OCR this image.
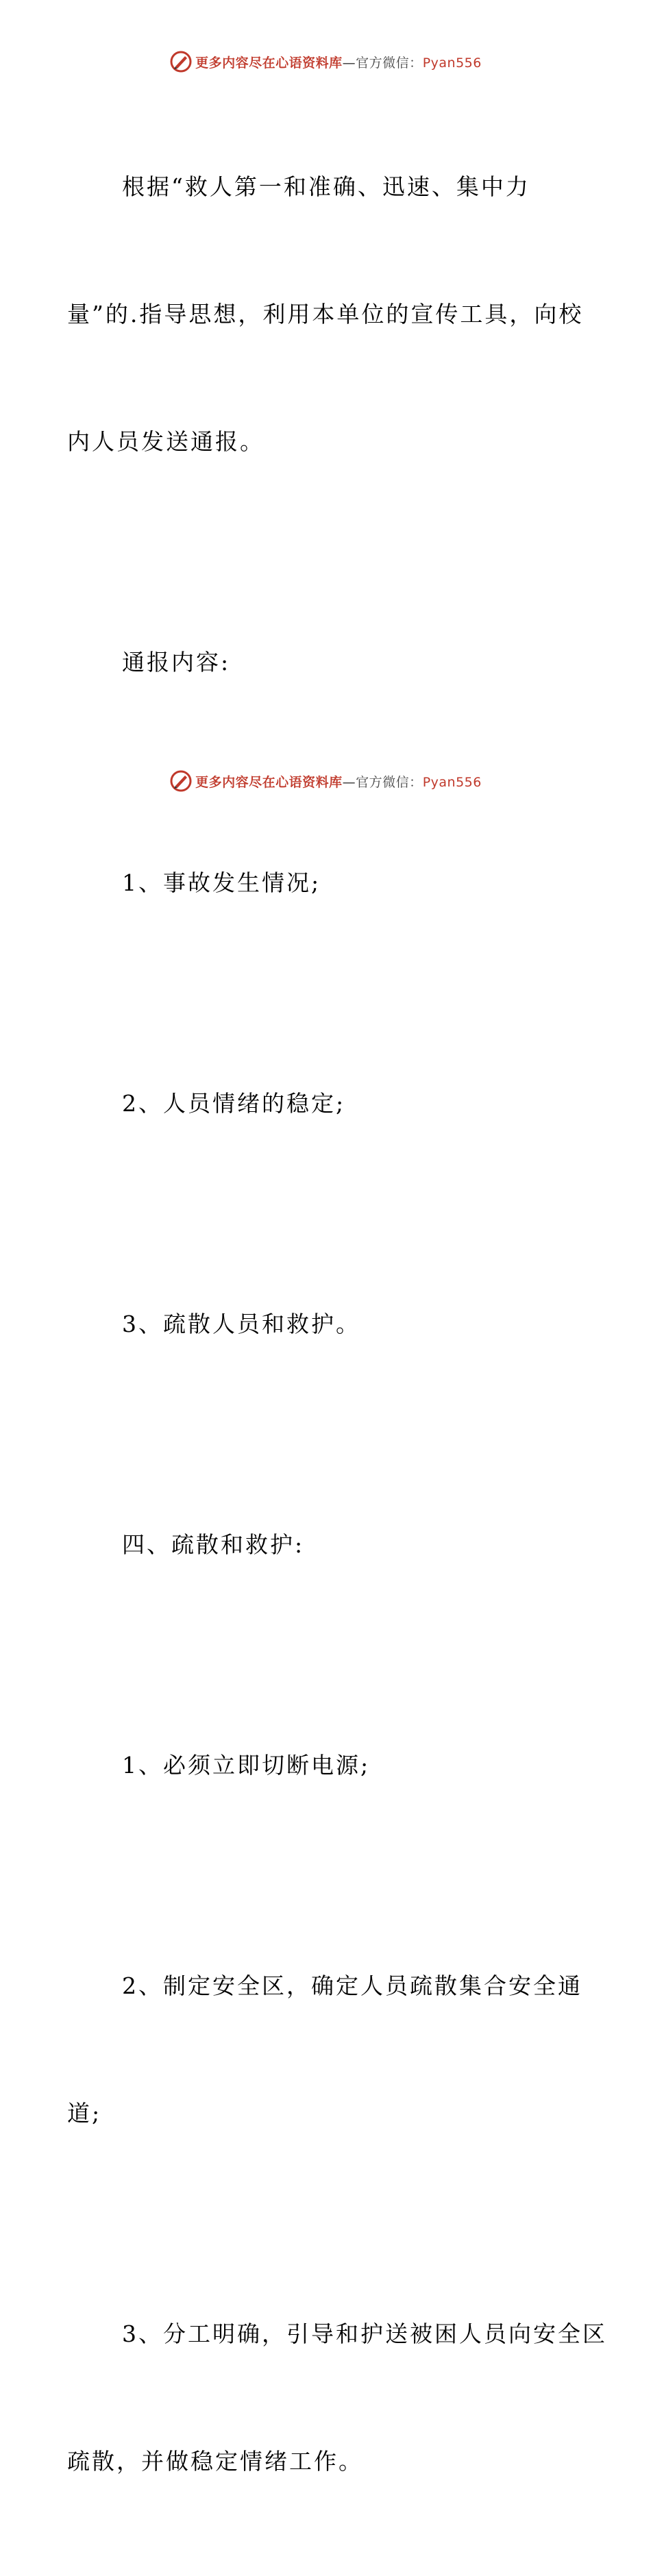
更多内容尽在心语资料库—官方微信：Pyan556

根据“救人第一和准确、迅速、集中力

量”的.指导思想，利用本单位的宣传工具，向校

内人员发送通报。

通报内容:

1、事故发生情况;

2、人员情绪的稳定;

3、疏散人员和救护。

四、疏散和救护:

1、必须立即切断电源;

2、制定安全区，确定人员疏散集合安全通

道;

3、分工明确，引导和护送被困人员向安全区

疏散，并做稳定情绪工作。

更多内容尽在心语资料库—官方微信：Pyan556
